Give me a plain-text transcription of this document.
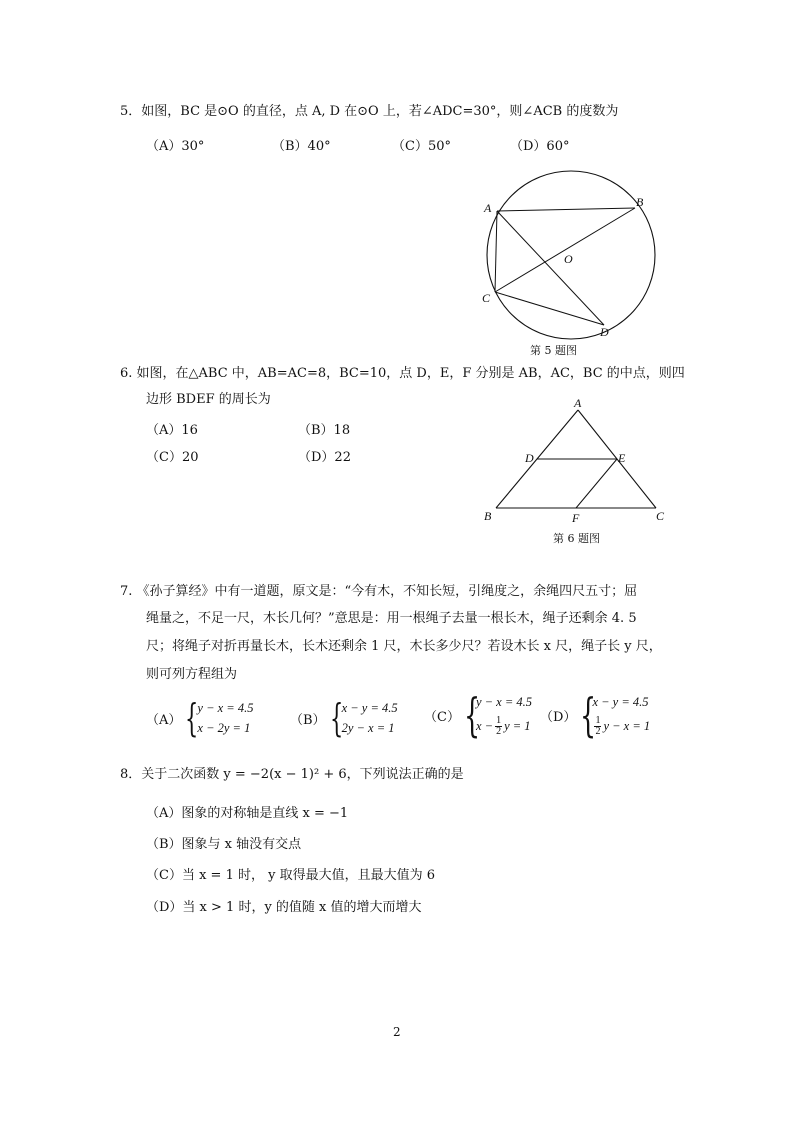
5．如图，BC 是⊙O 的直径，点 A, D 在⊙O 上，若∠ADC=30°，则∠ACB 的度数为
（A）30°	（B）40°	（C）50°	（D）60°
A	B
C
D
O
第 5 题图
6. 如图，在△ABC 中，AB=AC=8，BC=10，点 D，E，F 分别是 AB，AC，BC 的中点，则四
边形 BDEF 的周长为
（A）16	（B）18
（C）20	（D）22
A
B	C
D	E
F
第 6 题图
7. 《孙子算经》中有一道题，原文是：“今有木，不知长短，引绳度之，余绳四尺五寸；屈
绳量之，不足一尺，木长几何？”意思是：用一根绳子去量一根长木，绳子还剩余 4. 5
尺；将绳子对折再量长木，长木还剩余 1 尺，木长多少尺？若设木长 x 尺，绳子长 y 尺，
则可列方程组为
（A） {
y − x = 4.5
x − 2y = 1
（B） {
x − y = 4.5
2y − x = 1
（C） {
y − x = 4.5
$x - \frac{1}{2}$ y = 1
（D） {
x − y = 4.5
$\frac{1}{2}$ y − x = 1
8．关于二次函数 y = −2(x − 1)² + 6，下列说法正确的是
（A）图象的对称轴是直线 x = −1
（B）图象与 x 轴没有交点
（C）当 x = 1 时， y 取得最大值，且最大值为 6
（D）当 x > 1 时，y 的值随 x 值的增大而增大
2
